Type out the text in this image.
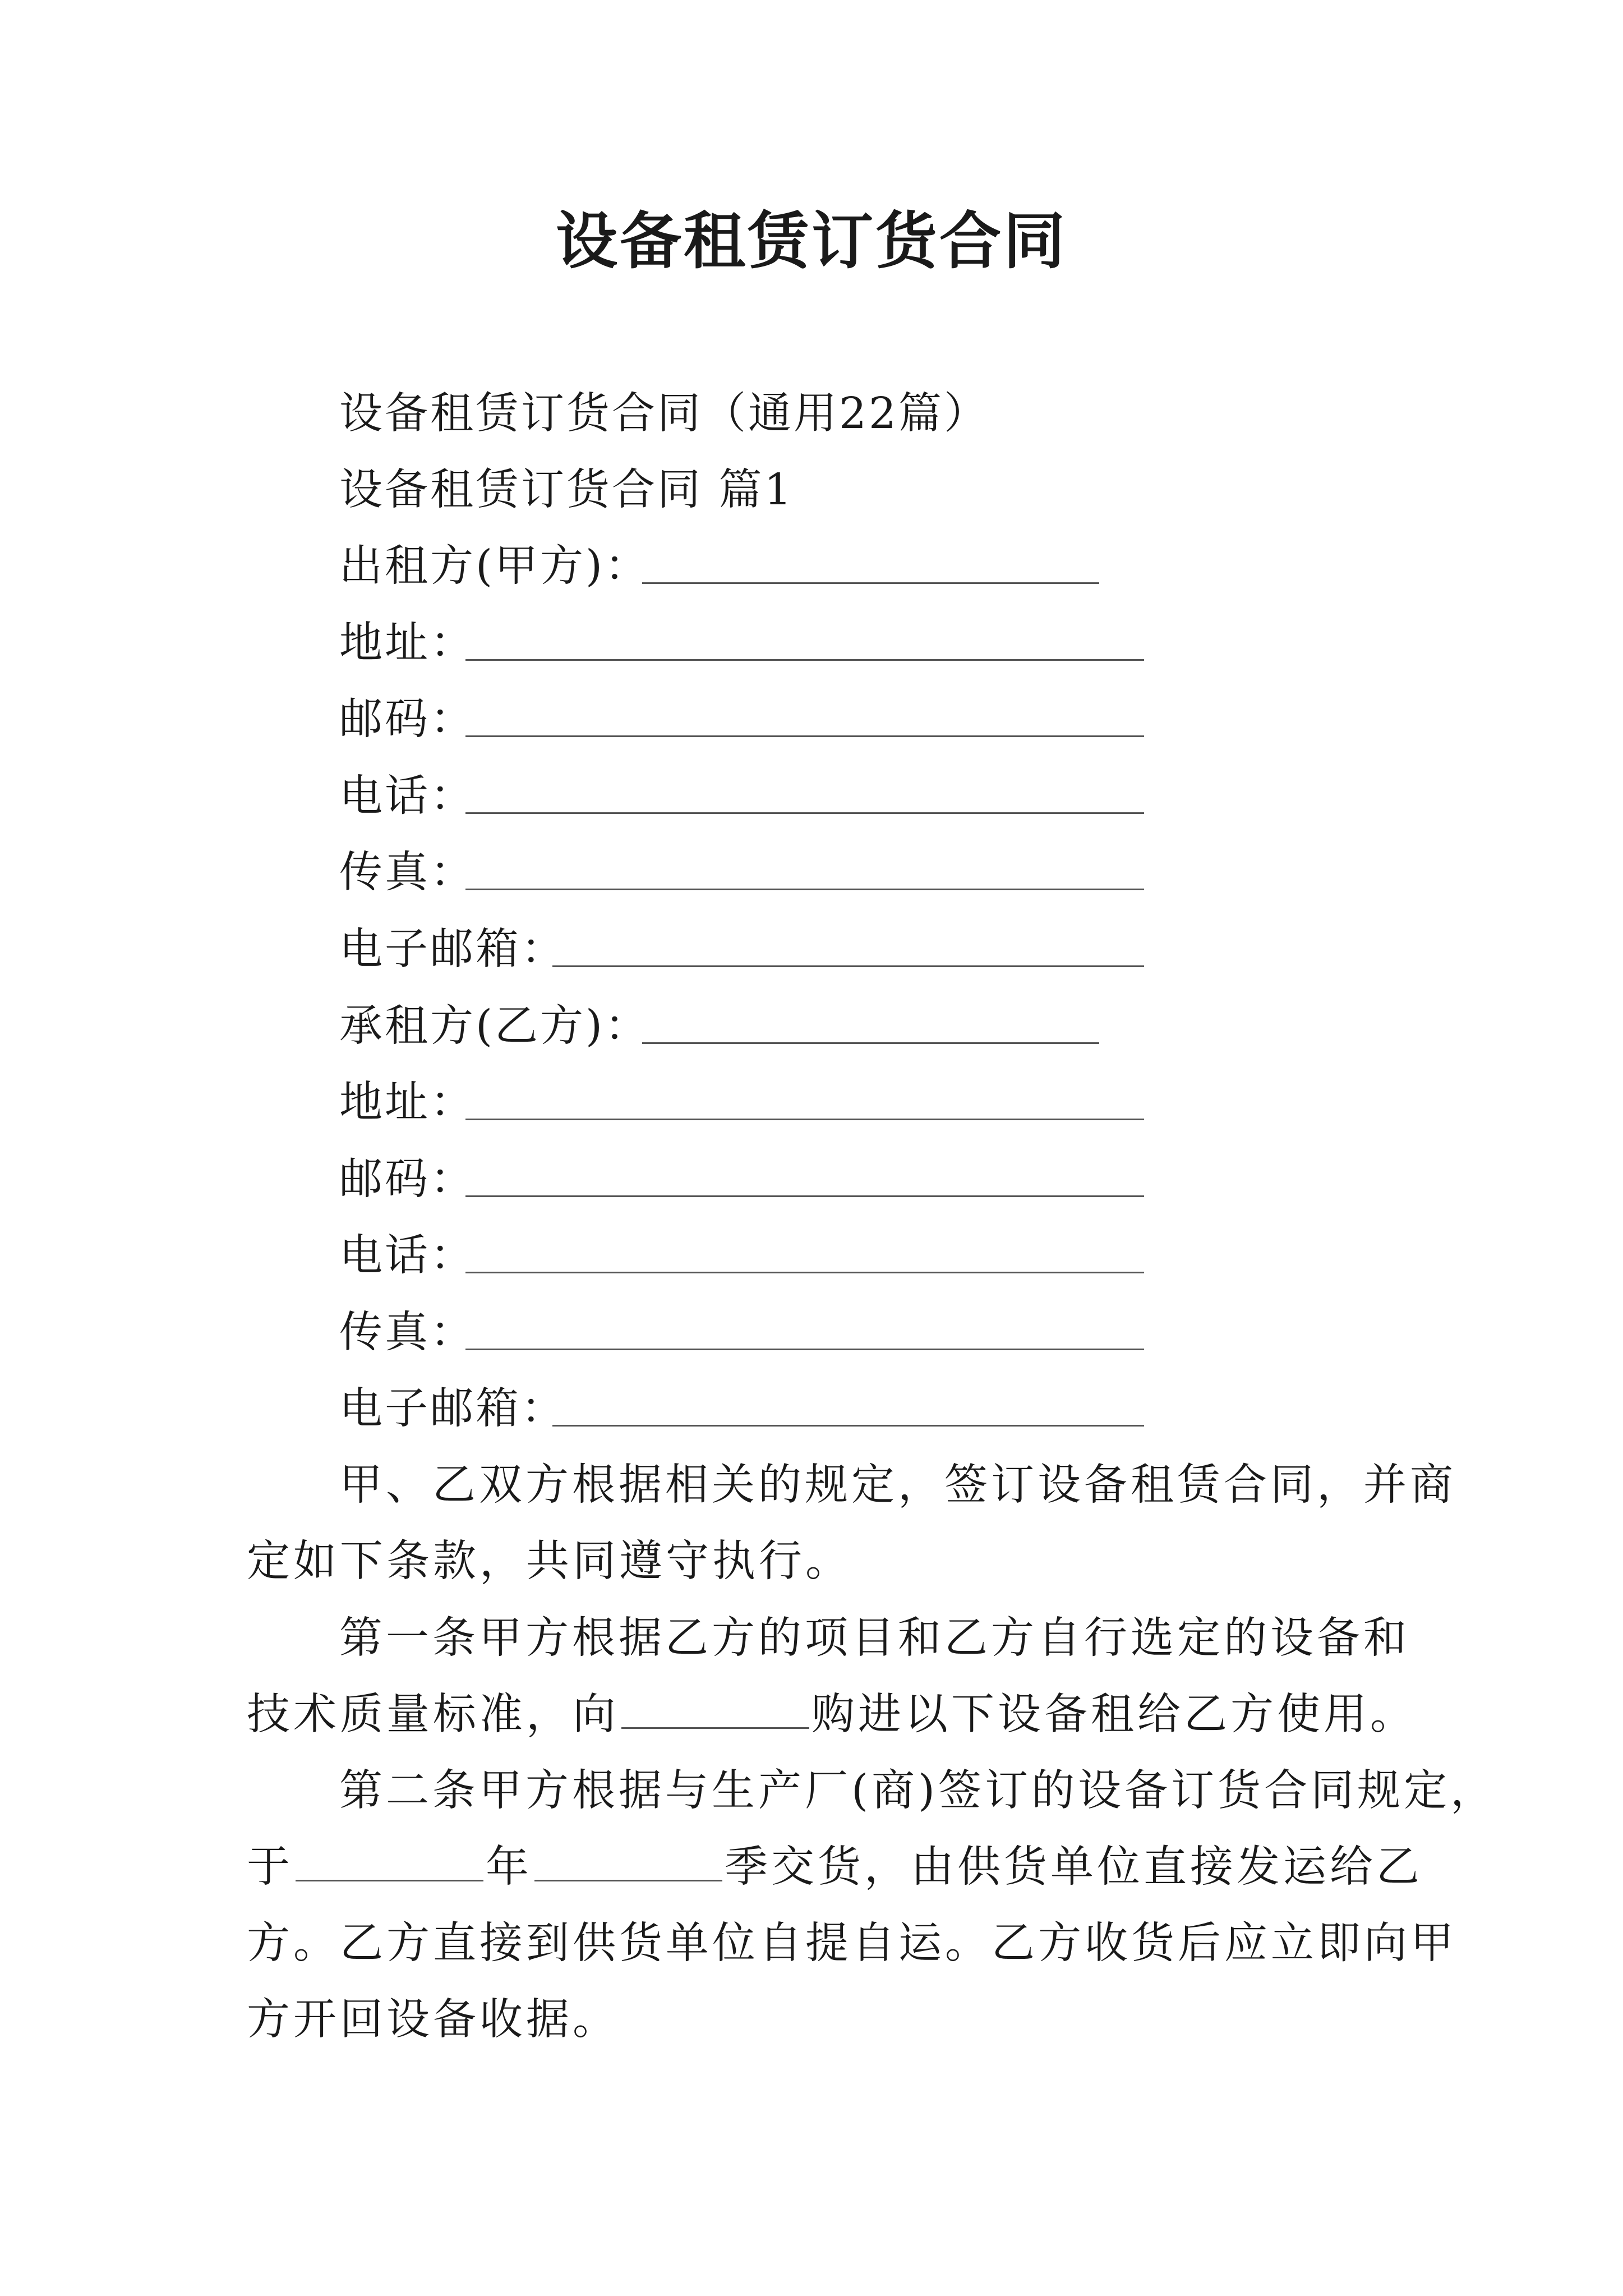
设备租赁订货合同
设备租赁订货合同（通用22篇）
设备租赁订货合同 篇1
出租方(甲方)：
地址：
邮码：
电话：
传真：
电子邮箱：
承租方(乙方)：
地址：
邮码：
电话：
传真：
电子邮箱：
甲、乙双方根据相关的规定，签订设备租赁合同，并商
定如下条款，共同遵守执行。
第一条甲方根据乙方的项目和乙方自行选定的设备和
技术质量标准，向	购进以下设备租给乙方使用。
第二条甲方根据与生产厂(商)签订的设备订货合同规定，
于	年	季交货，由供货单位直接发运给乙
方。乙方直接到供货单位自提自运。乙方收货后应立即向甲
方开回设备收据。
